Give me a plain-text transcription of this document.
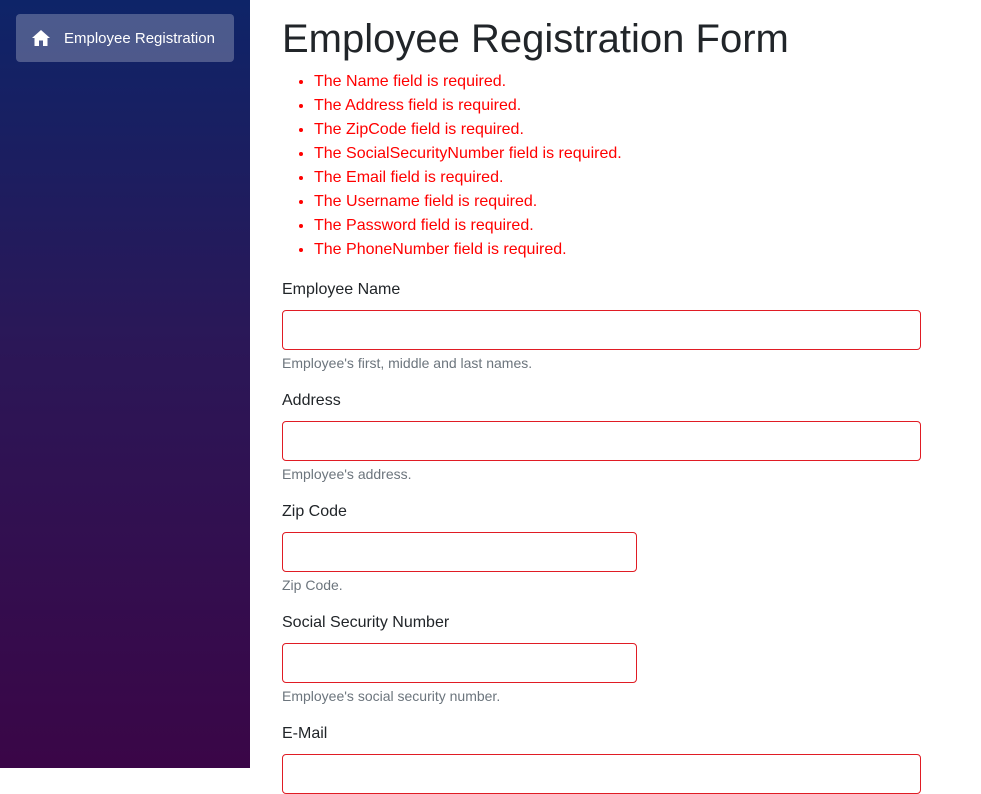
Employee Registration Employee Registration Form
• The Name field is required.
• The Address field is required.
• The ZipCode field is required.
• The SocialSecurityNumber field is required.
• The Email field is required.
• The Username field is required.
• The Password field is required.
• The PhoneNumber field is required.
Employee Name
Employee's first, middle and last names.
Address
Employee's address.
Zip Code
Zip Code.
Social Security Number
Employee's social security number.
E-Mail
